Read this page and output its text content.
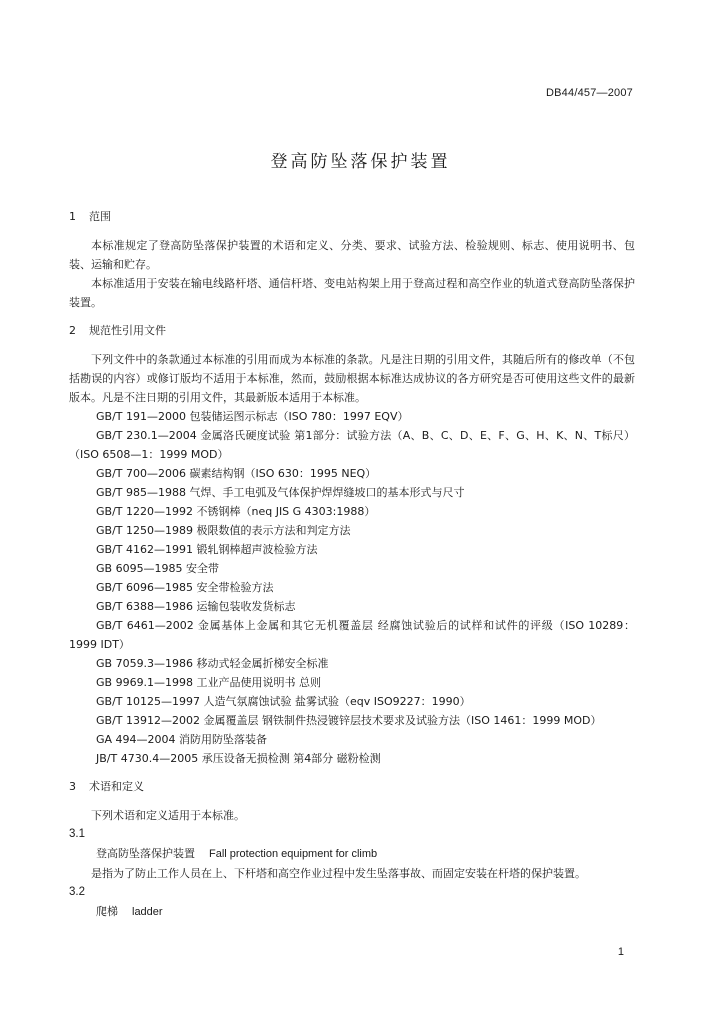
DB44/457—2007
登高防坠落保护装置
1 范围

本标准规定了登高防坠落保护装置的术语和定义、分类、要求、试验方法、检验规则、标志、使用说明书、包装、运输和贮存。

本标准适用于安装在输电线路杆塔、通信杆塔、变电站构架上用于登高过程和高空作业的轨道式登高防坠落保护装置。

2 规范性引用文件

下列文件中的条款通过本标准的引用而成为本标准的条款。凡是注日期的引用文件，其随后所有的修改单（不包括勘误的内容）或修订版均不适用于本标准，然而，鼓励根据本标准达成协议的各方研究是否可使用这些文件的最新版本。凡是不注日期的引用文件，其最新版本适用于本标准。

GB/T 191—2000 包装储运图示标志（ISO 780：1997 EQV）

GB/T 230.1—2004 金属洛氏硬度试验 第1部分：试验方法（A、B、C、D、E、F、G、H、K、N、T标尺）（ISO 6508—1：1999 MOD）

GB/T 700—2006 碳素结构钢（ISO 630：1995 NEQ）

GB/T 985—1988 气焊、手工电弧及气体保护焊焊缝坡口的基本形式与尺寸

GB/T 1220—1992 不锈钢棒（neq JIS G 4303:1988）

GB/T 1250—1989 极限数值的表示方法和判定方法

GB/T 4162—1991 锻轧钢棒超声波检验方法

GB 6095—1985 安全带

GB/T 6096—1985 安全带检验方法

GB/T 6388—1986 运输包装收发货标志

GB/T 6461—2002 金属基体上金属和其它无机覆盖层 经腐蚀试验后的试样和试件的评级（ISO 10289：1999 IDT）

GB 7059.3—1986 移动式轻金属折梯安全标准

GB 9969.1—1998 工业产品使用说明书 总则

GB/T 10125—1997 人造气氛腐蚀试验 盐雾试验（eqv ISO9227：1990）

GB/T 13912—2002 金属覆盖层 钢铁制件热浸镀锌层技术要求及试验方法（ISO 1461：1999 MOD）

GA 494—2004 消防用防坠落装备

JB/T 4730.4—2005 承压设备无损检测 第4部分 磁粉检测

3 术语和定义

下列术语和定义适用于本标准。

3.1

登高防坠落保护装置 Fall protection equipment for climb

是指为了防止工作人员在上、下杆塔和高空作业过程中发生坠落事故、而固定安装在杆塔的保护装置。

3.2

爬梯 ladder

1
